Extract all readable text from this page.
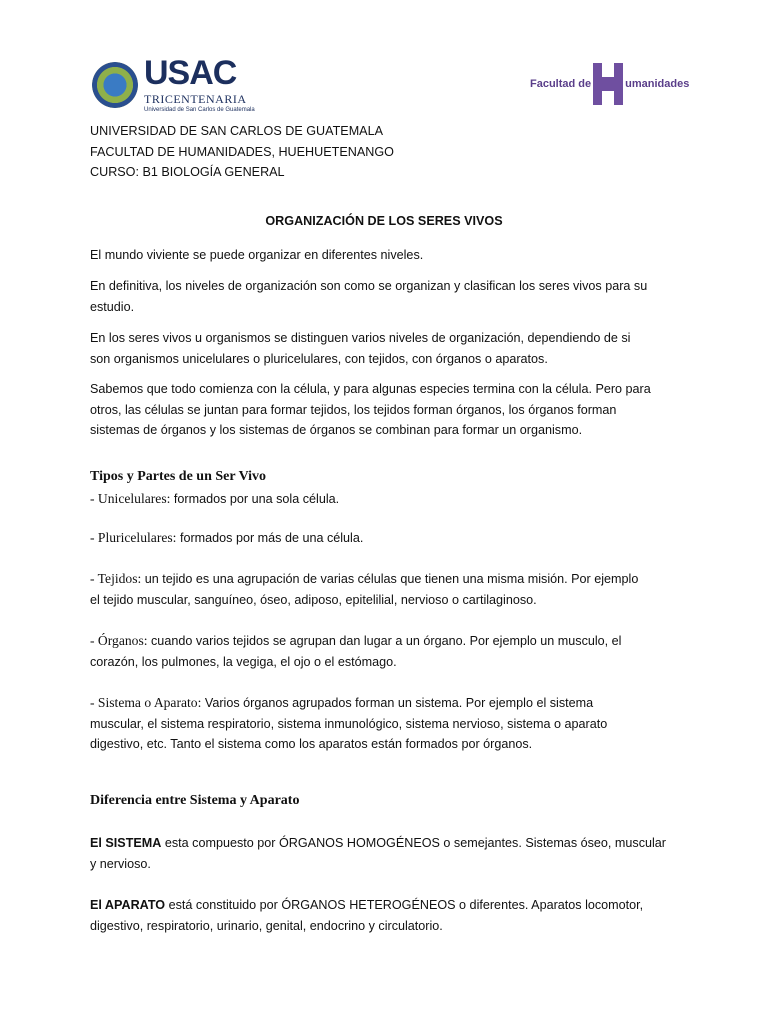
USAC
TRICENTENARIA
Universidad de San Carlos de Guatemala
Facultad de	umanidades
UNIVERSIDAD DE SAN CARLOS DE GUATEMALA
FACULTAD DE HUMANIDADES, HUEHUETENANGO
CURSO: B1 BIOLOGÍA GENERAL
ORGANIZACIÓN DE LOS SERES VIVOS
El mundo viviente se puede organizar en diferentes niveles.
En definitiva, los niveles de organización son como se organizan y clasifican los seres vivos para su
estudio.
En los seres vivos u organismos se distinguen varios niveles de organización, dependiendo de si
son organismos unicelulares o pluricelulares, con tejidos, con órganos o aparatos.
Sabemos que todo comienza con la célula, y para algunas especies termina con la célula. Pero para
otros, las células se juntan para formar tejidos, los tejidos forman órganos, los órganos forman
sistemas de órganos y los sistemas de órganos se combinan para formar un organismo.
Tipos y Partes de un Ser Vivo
- Unicelulares: formados por una sola célula.
- Pluricelulares: formados por más de una célula.
- Tejidos: un tejido es una agrupación de varias células que tienen una misma misión. Por ejemplo
el tejido muscular, sanguíneo, óseo, adiposo, epitelilial, nervioso o cartilaginoso.
- Órganos: cuando varios tejidos se agrupan dan lugar a un órgano. Por ejemplo un musculo, el
corazón, los pulmones, la vegiga, el ojo o el estómago.
- Sistema o Aparato: Varios órganos agrupados forman un sistema. Por ejemplo el sistema
muscular, el sistema respiratorio, sistema inmunológico, sistema nervioso, sistema o aparato
digestivo, etc. Tanto el sistema como los aparatos están formados por órganos.
Diferencia entre Sistema y Aparato
El SISTEMA esta compuesto por ÓRGANOS HOMOGÉNEOS o semejantes. Sistemas óseo, muscular
y nervioso.
El APARATO está constituido por ÓRGANOS HETEROGÉNEOS o diferentes. Aparatos locomotor,
digestivo, respiratorio, urinario, genital, endocrino y circulatorio.
